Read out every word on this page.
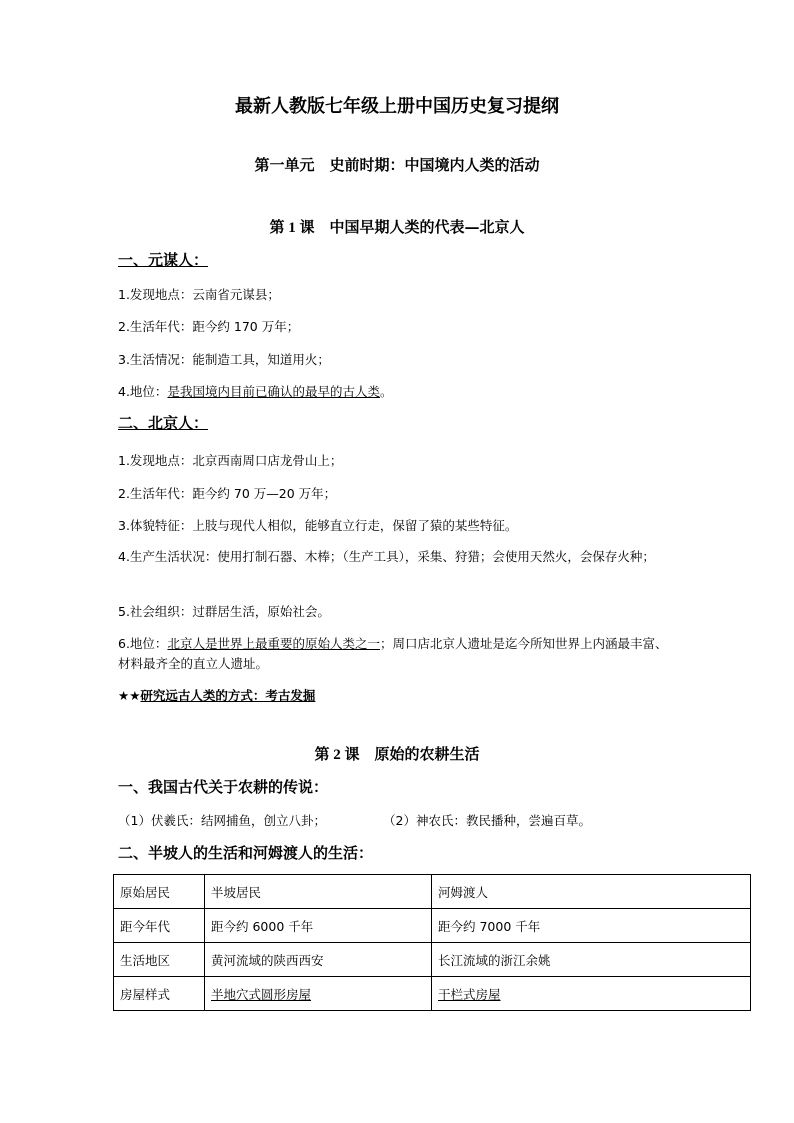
最新人教版七年级上册中国历史复习提纲
第一单元　史前时期：中国境内人类的活动
第 1 课　 中国早期人类的代表—北京人
一、元谋人：
1.发现地点：云南省元谋县；
2.生活年代：距今约 170 万年；
3.生活情况：能制造工具，知道用火；
4.地位：是我国境内目前已确认的最早的古人类。
二、北京人：
1.发现地点：北京西南周口店龙骨山上；
2.生活年代：距今约 70 万—20 万年；
3.体貌特征：上肢与现代人相似，能够直立行走，保留了猿的某些特征。
4.生产生活状况：使用打制石器、木棒；（生产工具），采集、狩猎；会使用天然火，会保存火种；
5.社会组织：过群居生活，原始社会。
6.地位：北京人是世界上最重要的原始人类之一；周口店北京人遗址是迄今所知世界上内涵最丰富、材料最齐全的直立人遗址。
★★研究远古人类的方式：考古发掘
第 2 课　 原始的农耕生活
一、我国古代关于农耕的传说：
（1）伏羲氏：结网捕鱼，创立八卦；	（2）神农氏：教民播种，尝遍百草。
二、半坡人的生活和河姆渡人的生活：
原始居民	半坡居民	河姆渡人
距今年代	距今约 6000 千年	距今约 7000 千年
生活地区	黄河流域的陕西西安	长江流域的浙江余姚
房屋样式	半地穴式圆形房屋	干栏式房屋
